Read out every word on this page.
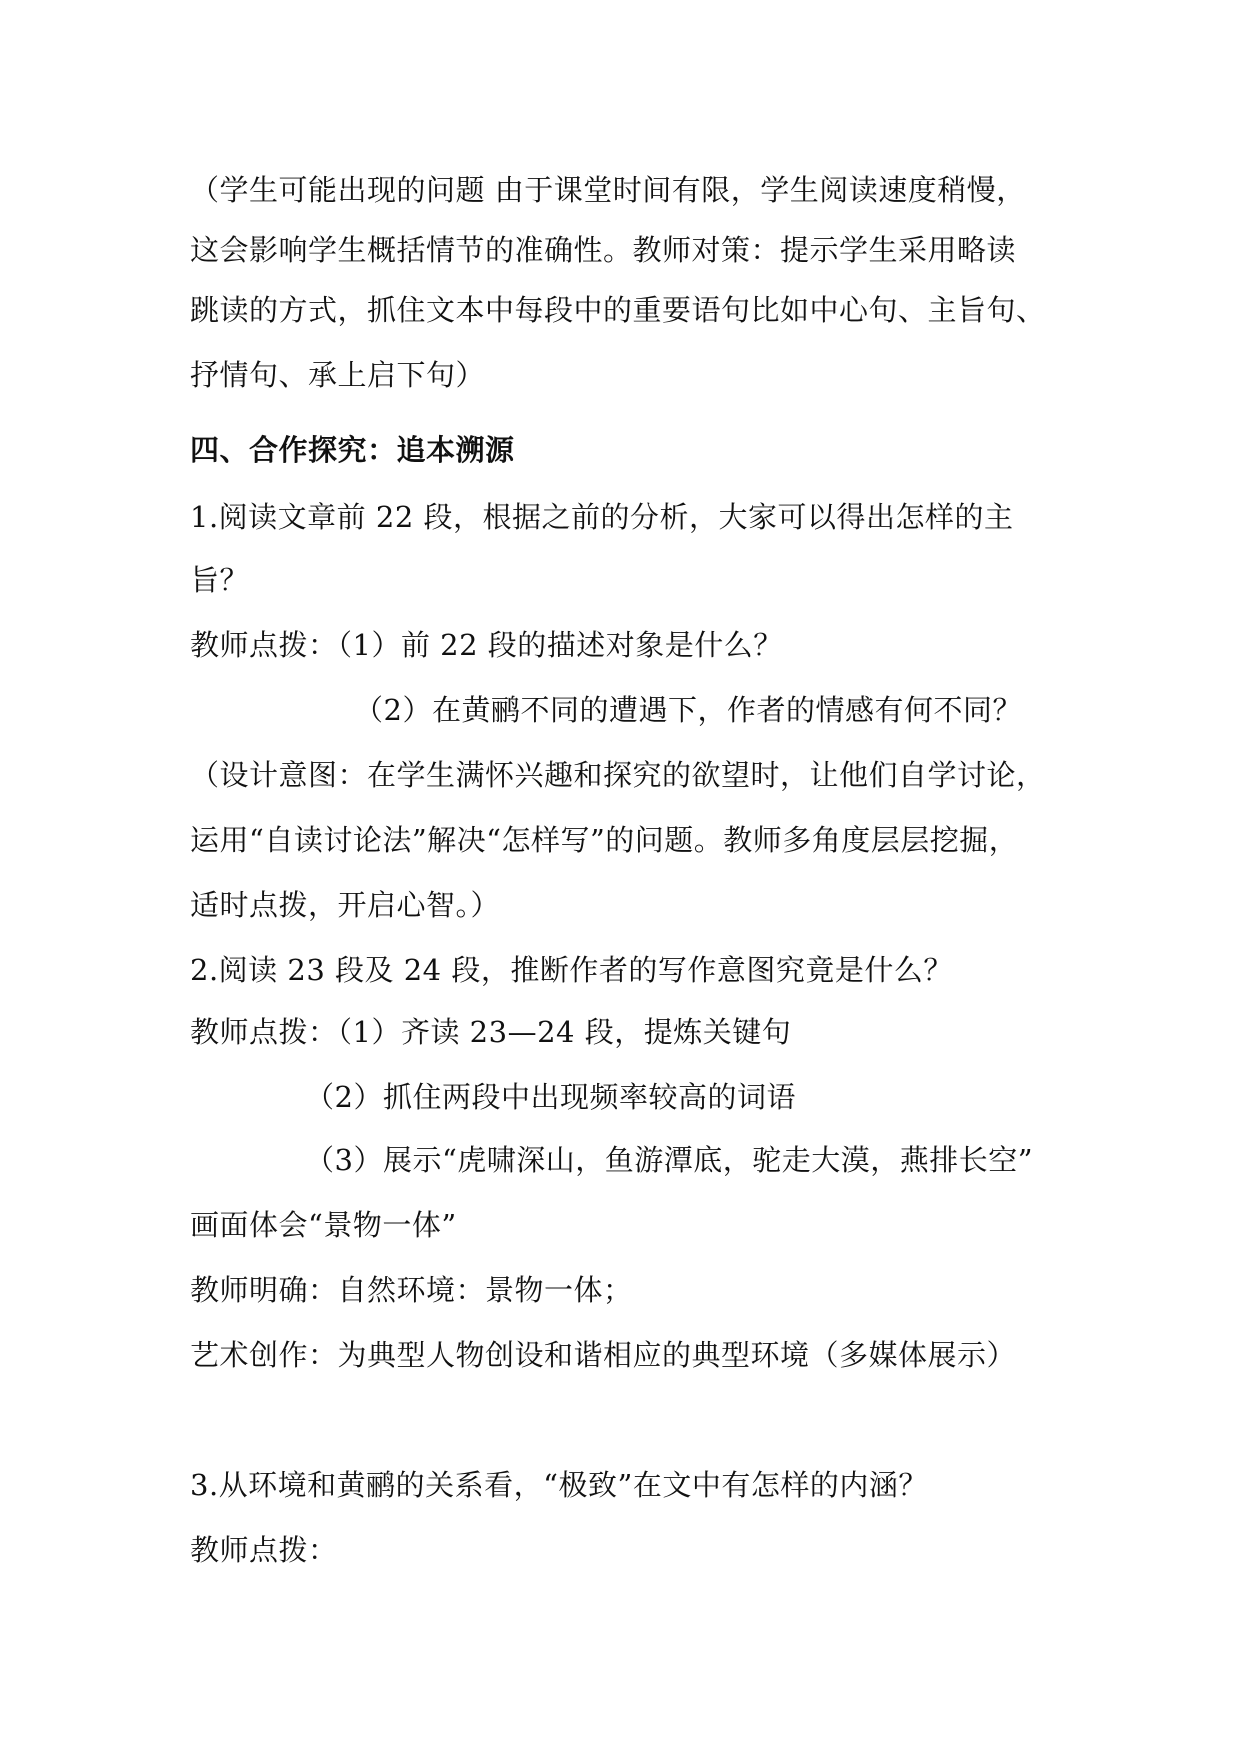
（学生可能出现的问题 由于课堂时间有限，学生阅读速度稍慢，
这会影响学生概括情节的准确性。教师对策：提示学生采用略读
跳读的方式，抓住文本中每段中的重要语句比如中心句、主旨句、
抒情句、承上启下句）
四、合作探究：追本溯源
1.阅读文章前 22 段，根据之前的分析，大家可以得出怎样的主
旨？
教师点拨：（1）前 22 段的描述对象是什么？
（2）在黄鹂不同的遭遇下，作者的情感有何不同？
（设计意图：在学生满怀兴趣和探究的欲望时，让他们自学讨论，
运用“自读讨论法”解决“怎样写”的问题。教师多角度层层挖掘，
适时点拨，开启心智。）
2.阅读 23 段及 24 段，推断作者的写作意图究竟是什么？
教师点拨：（1）齐读 23—24 段，提炼关键句
（2）抓住两段中出现频率较高的词语
（3）展示“虎啸深山，鱼游潭底，驼走大漠，燕排长空”
画面体会“景物一体”
教师明确：自然环境：景物一体；
艺术创作：为典型人物创设和谐相应的典型环境（多媒体展示）
3.从环境和黄鹂的关系看，“极致”在文中有怎样的内涵？
教师点拨：
